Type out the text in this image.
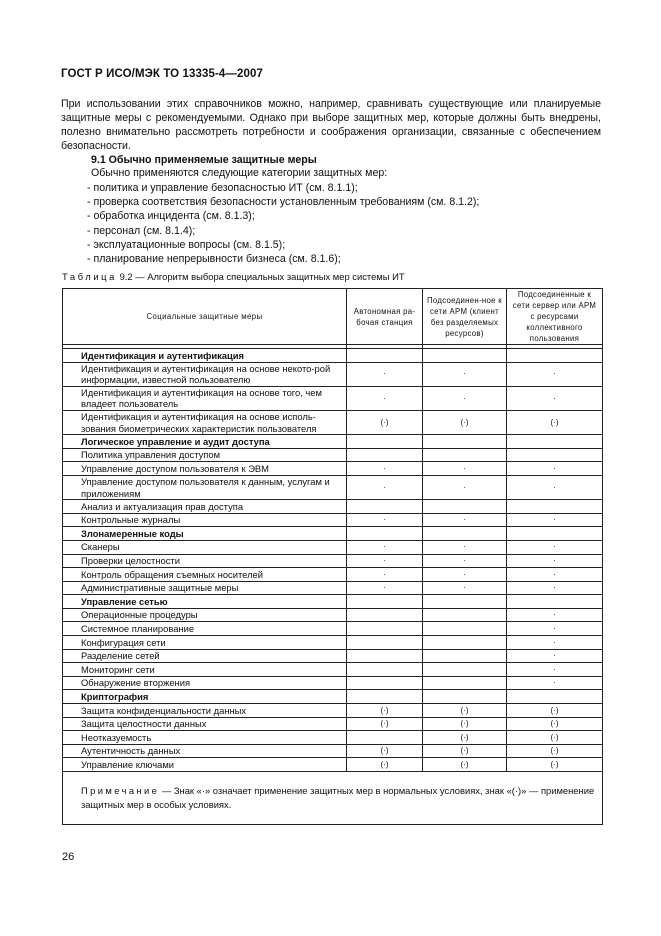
ГОСТ Р ИСО/МЭК ТО 13335-4—2007

При использовании этих справочников можно, например, сравнивать существующие или планируемые защитные меры с рекомендуемыми. Однако при выборе защитных мер, которые должны быть внедрены, полезно внимательно рассмотреть потребности и соображения организации, связанные с обеспечением безопасности.

9.1 Обычно применяемые защитные меры
Обычно применяются следующие категории защитных мер:
- политика и управление безопасностью ИТ (см. 8.1.1);
- проверка соответствия безопасности установленным требованиям (см. 8.1.2);
- обработка инцидента (см. 8.1.3);
- персонал (см. 8.1.4);
- эксплуатационные вопросы (см. 8.1.5);
- планирование непрерывности бизнеса (см. 8.1.6);
Таблица 9.2 — Алгоритм выбора специальных защитных мер системы ИТ
Социальные защитные меры	Автономная ра-бочая станция	Подсоединен-ное к сети АРМ (клиент без разделяемых ресурсов)	Подсоединенные к сети сервер или АРМ с ресурсами коллективного пользования

Идентификация и аутентификация			
Идентификация и аутентификация на основе некото-рой информации, известной пользователю	·	·	·
Идентификация и аутентификация на основе того, чем владеет пользователь	·	·	·
Идентификация и аутентификация на основе исполь-зования биометрических характеристик пользователя	(·)	(·)	(·)
Логическое управление и аудит доступа			
Политика управления доступом			
Управление доступом пользователя к ЭВМ	·	·	·
Управление доступом пользователя к данным, услугам и приложениям	·	·	·
Анализ и актуализация прав доступа			
Контрольные журналы	·	·	·
Злонамеренные коды			
Сканеры	·	·	·
Проверки целостности	·	·	·
Контроль обращения съемных носителей	·	·	·
Административные защитные меры	·	·	·
Управление сетью			
Операционные процедуры			·
Системное планирование			·
Конфигурация сети			·
Разделение сетей			·
Мониторинг сети			·
Обнаружение вторжения			·
Криптография			
Защита конфиденциальности данных	(·)	(·)	(·)
Защита целостности данных	(·)	(·)	(·)
Неотказуемость		(·)	(·)
Аутентичность данных	(·)	(·)	(·)
Управление ключами	(·)	(·)	(·)
Примечание — Знак «·» означает применение защитных мер в нормальных условиях, знак «(·)» — применение защитных мер в особых условиях.			
26
